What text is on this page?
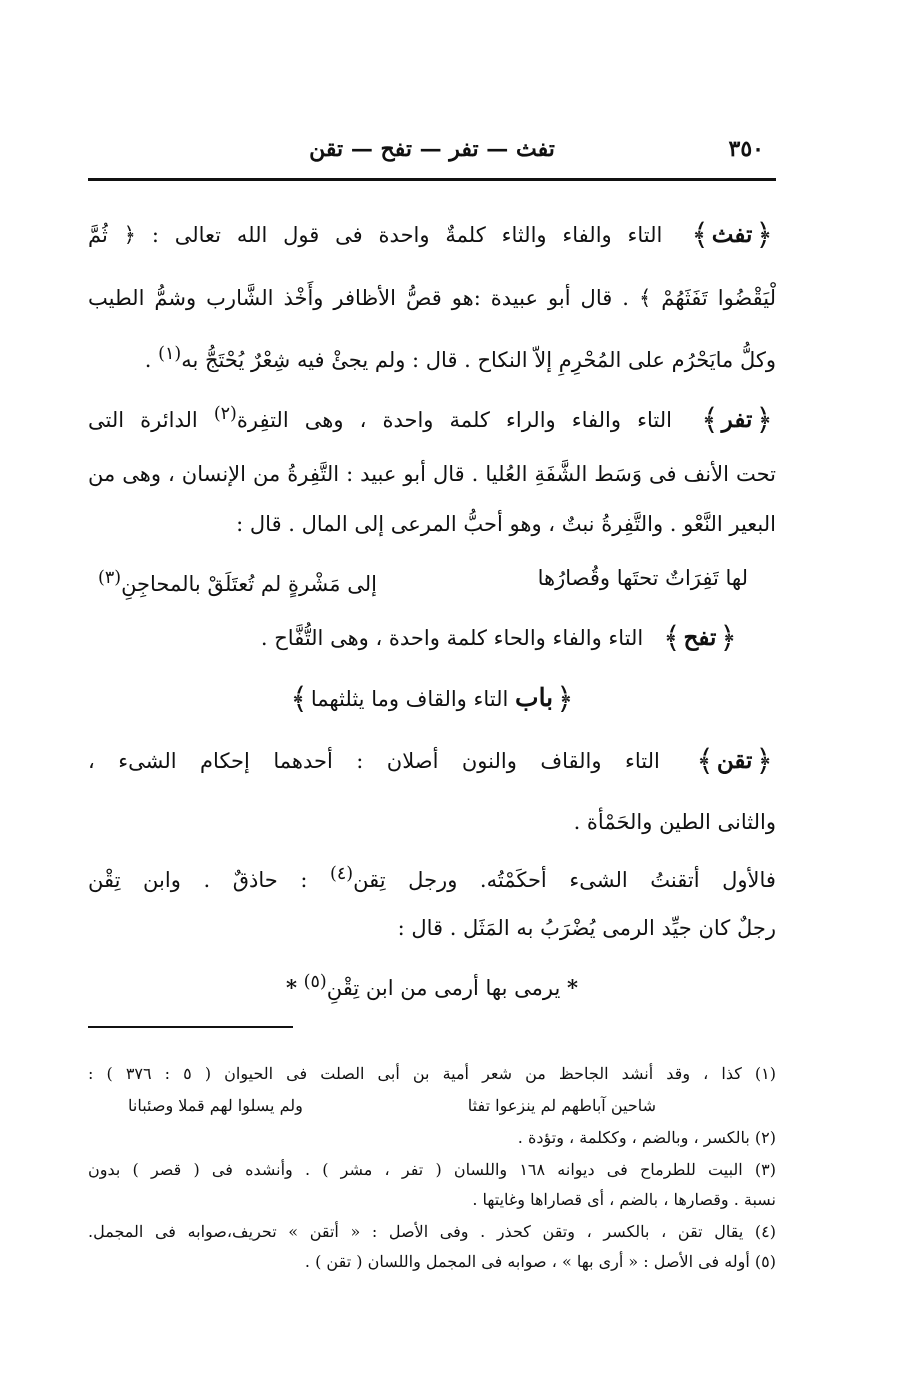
٣٥٠
تفث — تفر — تفح — تقن
﴿تفث﴾ التاء والفاء والثاء كلمةٌ واحدة فى قول الله تعالى : ﴿ ثُمَّ
لْيَقْضُوا تَفَثَهُمْ ﴾ . قال أبو عبيدة :هو قصُّ الأظافر وأَخْذ الشَّارب وشمُّ الطيب
وكلُّ مايَحْرُم على المُحْرِمِ إلاّ النكاح . قال : ولم يجئْ فيه شِعْرٌ يُحْتَجُّ به$^{(١)}$ .
﴿تفر﴾ التاء والفاء والراء كلمة واحدة ، وهى التفِرة$^{(٢)}$ الدائرة التى
تحت الأنف فى وَسَط الشَّفَةِ العُليا . قال أبو عبيد : التَّفِرةُ من الإنسان ، وهى من
البعير النَّعْو . والتَّفِرةُ نبتٌ ، وهو أحبُّ المرعى إلى المال . قال :
لها تَفِرَاتٌ تحتَها وقُصارُها
إلى مَشْرةٍ لم تُعتَلَقْ بالمحاجِنِ$^{(٣)}$
﴿تفح﴾ التاء والفاء والحاء كلمة واحدة ، وهى التُّفَّاح .
﴿باب التاء والقاف وما يثلثهما﴾
﴿تقن﴾ التاء والقاف والنون أصلان : أحدهما إحكام الشىء ،
والثانى الطين والحَمْأة .
فالأول أتقنتُ الشىء أحكَمْتُه. ورجل تِقن$^{(٤)}$ : حاذقٌ . وابن تِقْن
رجلٌ كان جيِّد الرمى يُضْرَبُ به المَثَل . قال :
* يرمى بها أرمى من ابن تِقْنِ$^{(٥)}$ *
(١) كذا ، وقد أنشد الجاحظ من شعر أمية بن أبى الصلت فى الحيوان ( ٥ : ٣٧٦ ) :
شاحين آباطهم لم ينزعوا تفثا
ولم يسلوا لهم قملا وصئبانا
(٢) بالكسر ، وبالضم ، وككلمة ، وتؤدة .
(٣) البيت للطرماح فى ديوانه ١٦٨ واللسان ( تفر ، مشر ) . وأنشده فى ( قصر ) بدون
نسبة . وقصارها ، بالضم ، أى قصاراها وغايتها .
(٤) يقال تقن ، بالكسر ، وتقن كحذر . وفى الأصل : « أتقن » تحريف،صوابه فى المجمل.
(٥) أوله فى الأصل : « أرى بها » ، صوابه فى المجمل واللسان ( تقن ) .
